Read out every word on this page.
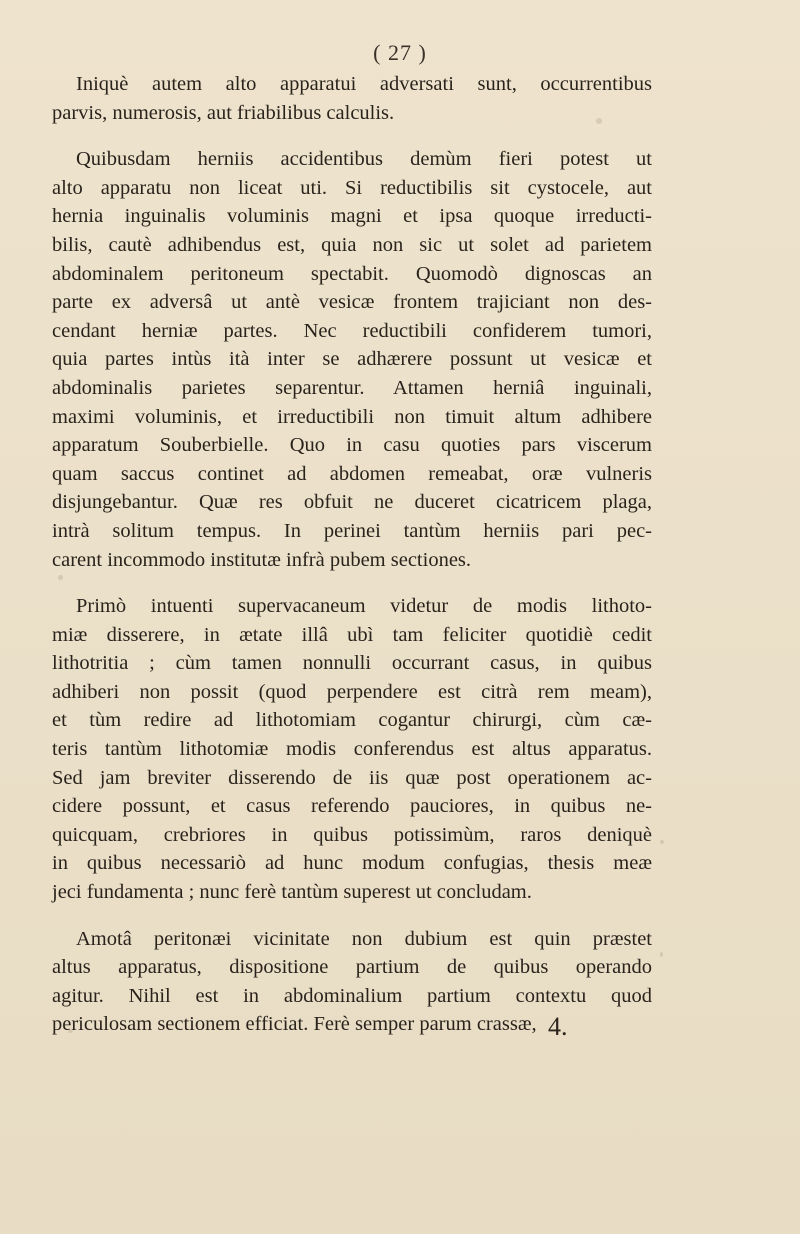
( 27 )

Iniquè autem alto apparatui adversati sunt, occurrentibus
parvis, numerosis, aut friabilibus calculis.

Quibusdam herniis accidentibus demùm fieri potest ut
alto apparatu non liceat uti. Si reductibilis sit cystocele, aut
hernia inguinalis voluminis magni et ipsa quoque irreducti-
bilis, cautè adhibendus est, quia non sic ut solet ad parietem
abdominalem peritoneum spectabit. Quomodò dignoscas an
parte ex adversâ ut antè vesicæ frontem trajiciant non des-
cendant herniæ partes. Nec reductibili confiderem tumori,
quia partes intùs ità inter se adhærere possunt ut vesicæ et
abdominalis parietes separentur. Attamen herniâ inguinali,
maximi voluminis, et irreductibili non timuit altum adhibere
apparatum Souberbielle. Quo in casu quoties pars viscerum
quam saccus continet ad abdomen remeabat, oræ vulneris
disjungebantur. Quæ res obfuit ne duceret cicatricem plaga,
intrà solitum tempus. In perinei tantùm herniis pari pec-
carent incommodo institutæ infrà pubem sectiones.

Primò intuenti supervacaneum videtur de modis lithoto-
miæ disserere, in ætate illâ ubì tam feliciter quotidiè cedit
lithotritia ; cùm tamen nonnulli occurrant casus, in quibus
adhiberi non possit (quod perpendere est citrà rem meam),
et tùm redire ad lithotomiam cogantur chirurgi, cùm cæ-
teris tantùm lithotomiæ modis conferendus est altus apparatus.
Sed jam breviter disserendo de iis quæ post operationem ac-
cidere possunt, et casus referendo pauciores, in quibus ne-
quicquam, crebriores in quibus potissimùm, raros deniquè
in quibus necessariò ad hunc modum confugias, thesis meæ
jeci fundamenta ; nunc ferè tantùm superest ut concludam.

Amotâ peritonæi vicinitate non dubium est quin præstet
altus apparatus, dispositione partium de quibus operando
agitur. Nihil est in abdominalium partium contextu quod
periculosam sectionem efficiat. Ferè semper parum crassæ, 4.
